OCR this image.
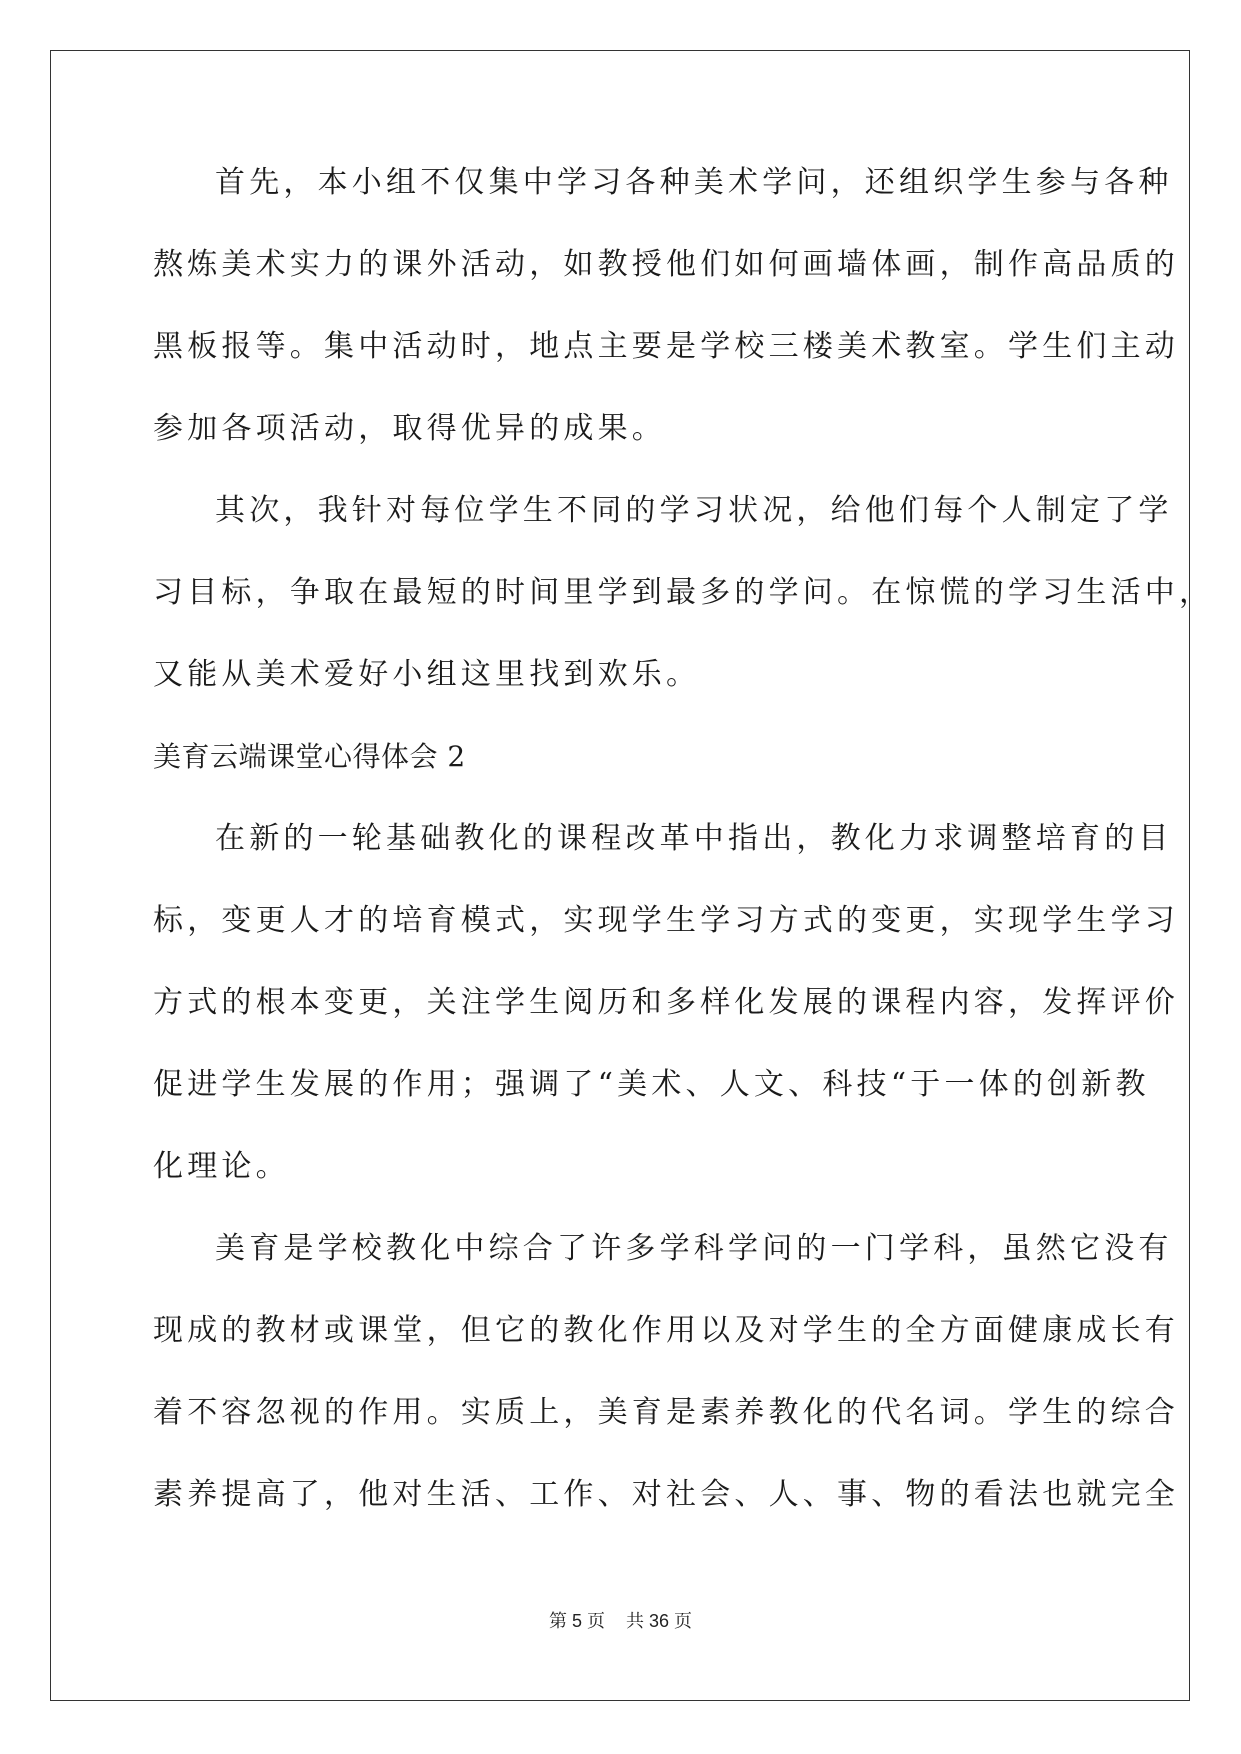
首先，本小组不仅集中学习各种美术学问，还组织学生参与各种
熬炼美术实力的课外活动，如教授他们如何画墙体画，制作高品质的
黑板报等。集中活动时，地点主要是学校三楼美术教室。学生们主动
参加各项活动，取得优异的成果。
其次，我针对每位学生不同的学习状况，给他们每个人制定了学
习目标，争取在最短的时间里学到最多的学问。在惊慌的学习生活中，
又能从美术爱好小组这里找到欢乐。
美育云端课堂心得体会 2
在新的一轮基础教化的课程改革中指出，教化力求调整培育的目
标，变更人才的培育模式，实现学生学习方式的变更，实现学生学习
方式的根本变更，关注学生阅历和多样化发展的课程内容，发挥评价
促进学生发展的作用；强调了“美术、人文、科技“于一体的创新教
化理论。
美育是学校教化中综合了许多学科学问的一门学科，虽然它没有
现成的教材或课堂，但它的教化作用以及对学生的全方面健康成长有
着不容忽视的作用。实质上，美育是素养教化的代名词。学生的综合
素养提高了，他对生活、工作、对社会、人、事、物的看法也就完全
第 5 页 共 36 页
